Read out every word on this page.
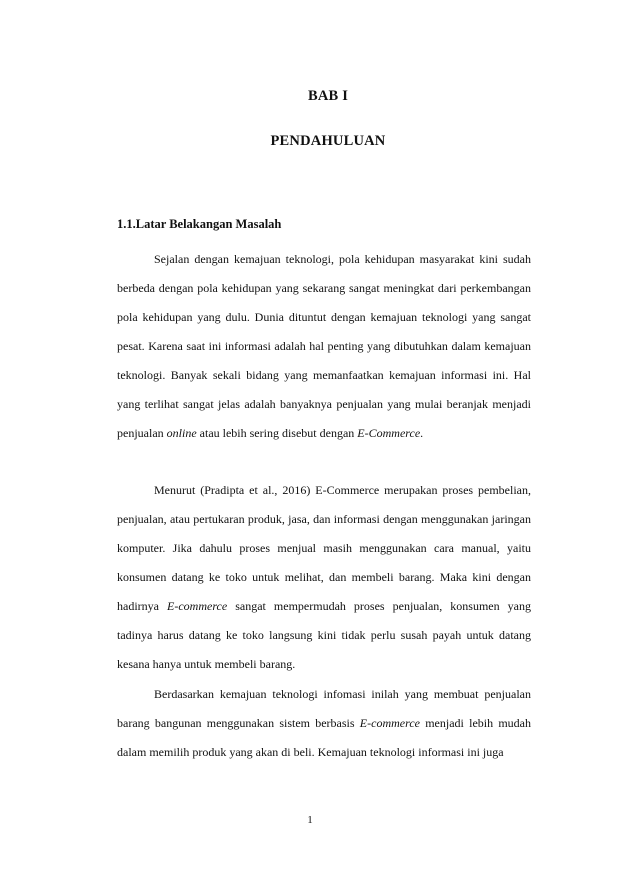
BAB I
PENDAHULUAN
1.1.Latar Belakangan Masalah

Sejalan dengan kemajuan teknologi, pola kehidupan masyarakat kini sudah berbeda dengan pola kehidupan yang sekarang sangat meningkat dari perkembangan pola kehidupan yang dulu. Dunia dituntut dengan kemajuan teknologi yang sangat pesat. Karena saat ini informasi adalah hal penting yang dibutuhkan dalam kemajuan teknologi. Banyak sekali bidang yang memanfaatkan kemajuan informasi ini. Hal yang terlihat sangat jelas adalah banyaknya penjualan yang mulai beranjak menjadi penjualan online atau lebih sering disebut dengan E-Commerce.

Menurut (Pradipta et al., 2016) E-Commerce merupakan proses pembelian, penjualan, atau pertukaran produk, jasa, dan informasi dengan menggunakan jaringan komputer. Jika dahulu proses menjual masih menggunakan cara manual, yaitu konsumen datang ke toko untuk melihat, dan membeli barang. Maka kini dengan hadirnya E-commerce sangat mempermudah proses penjualan, konsumen yang tadinya harus datang ke toko langsung kini tidak perlu susah payah untuk datang kesana hanya untuk membeli barang.

Berdasarkan kemajuan teknologi infomasi inilah yang membuat penjualan barang bangunan menggunakan sistem berbasis E-commerce menjadi lebih mudah dalam memilih produk yang akan di beli. Kemajuan teknologi informasi ini juga

1
